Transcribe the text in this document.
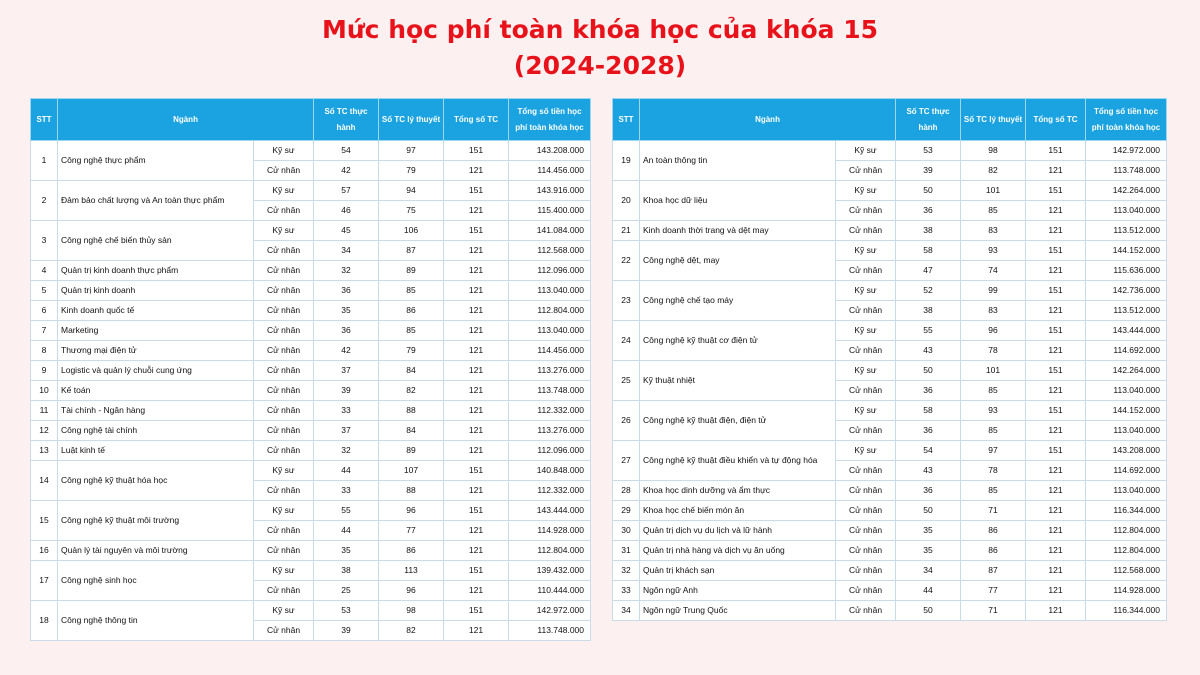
Mức học phí toàn khóa học của khóa 15
(2024-2028)
STT	Ngành		Số TC thực hành	Số TC lý thuyết	Tổng số TC	Tổng số tiền học phí toàn khóa học
1	Công nghệ thực phẩm	Kỹ sư	54	97	151	143.208.000
		Cử nhân	42	79	121	114.456.000
2	Đảm bảo chất lượng và An toàn thực phẩm	Kỹ sư	57	94	151	143.916.000
		Cử nhân	46	75	121	115.400.000
3	Công nghệ chế biến thủy sản	Kỹ sư	45	106	151	141.084.000
		Cử nhân	34	87	121	112.568.000
4	Quản trị kinh doanh thực phẩm	Cử nhân	32	89	121	112.096.000
5	Quản trị kinh doanh	Cử nhân	36	85	121	113.040.000
6	Kinh doanh quốc tế	Cử nhân	35	86	121	112.804.000
7	Marketing	Cử nhân	36	85	121	113.040.000
8	Thương mại điện tử	Cử nhân	42	79	121	114.456.000
9	Logistic và quản lý chuỗi cung ứng	Cử nhân	37	84	121	113.276.000
10	Kế toán	Cử nhân	39	82	121	113.748.000
11	Tài chính - Ngân hàng	Cử nhân	33	88	121	112.332.000
12	Công nghệ tài chính	Cử nhân	37	84	121	113.276.000
13	Luật kinh tế	Cử nhân	32	89	121	112.096.000
14	Công nghệ kỹ thuật hóa học	Kỹ sư	44	107	151	140.848.000
		Cử nhân	33	88	121	112.332.000
15	Công nghệ kỹ thuật môi trường	Kỹ sư	55	96	151	143.444.000
		Cử nhân	44	77	121	114.928.000
16	Quản lý tài nguyên và môi trường	Cử nhân	35	86	121	112.804.000
17	Công nghệ sinh học	Kỹ sư	38	113	151	139.432.000
		Cử nhân	25	96	121	110.444.000
18	Công nghệ thông tin	Kỹ sư	53	98	151	142.972.000
		Cử nhân	39	82	121	113.748.000
STT	Ngành		Số TC thực hành	Số TC lý thuyết	Tổng số TC	Tổng số tiền học phí toàn khóa học
19	An toàn thông tin	Kỹ sư	53	98	151	142.972.000
		Cử nhân	39	82	121	113.748.000
20	Khoa học dữ liệu	Kỹ sư	50	101	151	142.264.000
		Cử nhân	36	85	121	113.040.000
21	Kinh doanh thời trang và dệt may	Cử nhân	38	83	121	113.512.000
22	Công nghệ dệt, may	Kỹ sư	58	93	151	144.152.000
		Cử nhân	47	74	121	115.636.000
23	Công nghệ chế tạo máy	Kỹ sư	52	99	151	142.736.000
		Cử nhân	38	83	121	113.512.000
24	Công nghệ kỹ thuật cơ điện tử	Kỹ sư	55	96	151	143.444.000
		Cử nhân	43	78	121	114.692.000
25	Kỹ thuật nhiệt	Kỹ sư	50	101	151	142.264.000
		Cử nhân	36	85	121	113.040.000
26	Công nghệ kỹ thuật điện, điện tử	Kỹ sư	58	93	151	144.152.000
		Cử nhân	36	85	121	113.040.000
27	Công nghệ kỹ thuật điều khiển và tự động hóa	Kỹ sư	54	97	151	143.208.000
		Cử nhân	43	78	121	114.692.000
28	Khoa học dinh dưỡng và ẩm thực	Cử nhân	36	85	121	113.040.000
29	Khoa học chế biến món ăn	Cử nhân	50	71	121	116.344.000
30	Quản trị dịch vụ du lịch và lữ hành	Cử nhân	35	86	121	112.804.000
31	Quản trị nhà hàng và dịch vụ ăn uống	Cử nhân	35	86	121	112.804.000
32	Quản trị khách sạn	Cử nhân	34	87	121	112.568.000
33	Ngôn ngữ Anh	Cử nhân	44	77	121	114.928.000
34	Ngôn ngữ Trung Quốc	Cử nhân	50	71	121	116.344.000
